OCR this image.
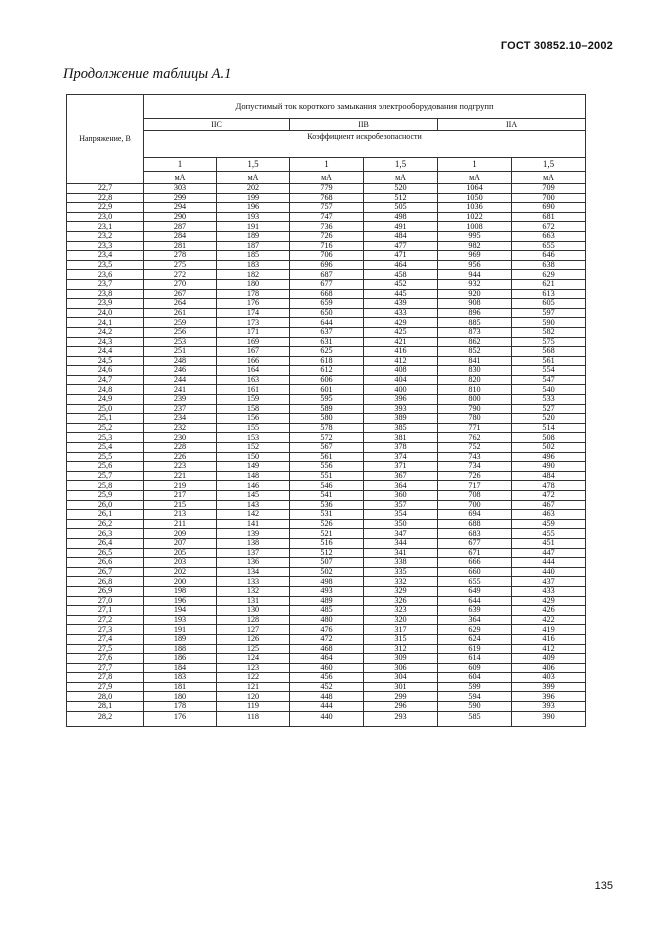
ГОСТ 30852.10–2002
Продолжение таблицы А.1
Напряжение, В	Допустимый ток короткого замыкания электрооборудования подгрупп					
	IIC		IIB		IIA	
	Коэффициент искробезопасности					
	1	1,5	1	1,5	1	1,5
	мА	мА	мА	мА	мА	мА
22,7	303	202	779	520	1064	709
22,8	299	199	768	512	1050	700
22,9	294	196	757	505	1036	690
23,0	290	193	747	498	1022	681
23,1	287	191	736	491	1008	672
23,2	284	189	726	484	995	663
23,3	281	187	716	477	982	655
23,4	278	185	706	471	969	646
23,5	275	183	696	464	956	638
23,6	272	182	687	458	944	629
23,7	270	180	677	452	932	621
23,8	267	178	668	445	920	613
23,9	264	176	659	439	908	605
24,0	261	174	650	433	896	597
24,1	259	173	644	429	885	590
24,2	256	171	637	425	873	582
24,3	253	169	631	421	862	575
24,4	251	167	625	416	852	568
24,5	248	166	618	412	841	561
24,6	246	164	612	408	830	554
24,7	244	163	606	404	820	547
24,8	241	161	601	400	810	540
24,9	239	159	595	396	800	533
25,0	237	158	589	393	790	527
25,1	234	156	580	389	780	520
25,2	232	155	578	385	771	514
25,3	230	153	572	381	762	508
25,4	228	152	567	378	752	502
25,5	226	150	561	374	743	496
25,6	223	149	556	371	734	490
25,7	221	148	551	367	726	484
25,8	219	146	546	364	717	478
25,9	217	145	541	360	708	472
26,0	215	143	536	357	700	467
26,1	213	142	531	354	694	463
26,2	211	141	526	350	688	459
26,3	209	139	521	347	683	455
26,4	207	138	516	344	677	451
26,5	205	137	512	341	671	447
26,6	203	136	507	338	666	444
26,7	202	134	502	335	660	440
26,8	200	133	498	332	655	437
26,9	198	132	493	329	649	433
27,0	196	131	489	326	644	429
27,1	194	130	485	323	639	426
27,2	193	128	480	320	364	422
27,3	191	127	476	317	629	419
27,4	189	126	472	315	624	416
27,5	188	125	468	312	619	412
27,6	186	124	464	309	614	409
27,7	184	123	460	306	609	406
27,8	183	122	456	304	604	403
27,9	181	121	452	301	599	399
28,0	180	120	448	299	594	396
28,1	178	119	444	296	590	393
28,2	176	118	440	293	585	390
135
